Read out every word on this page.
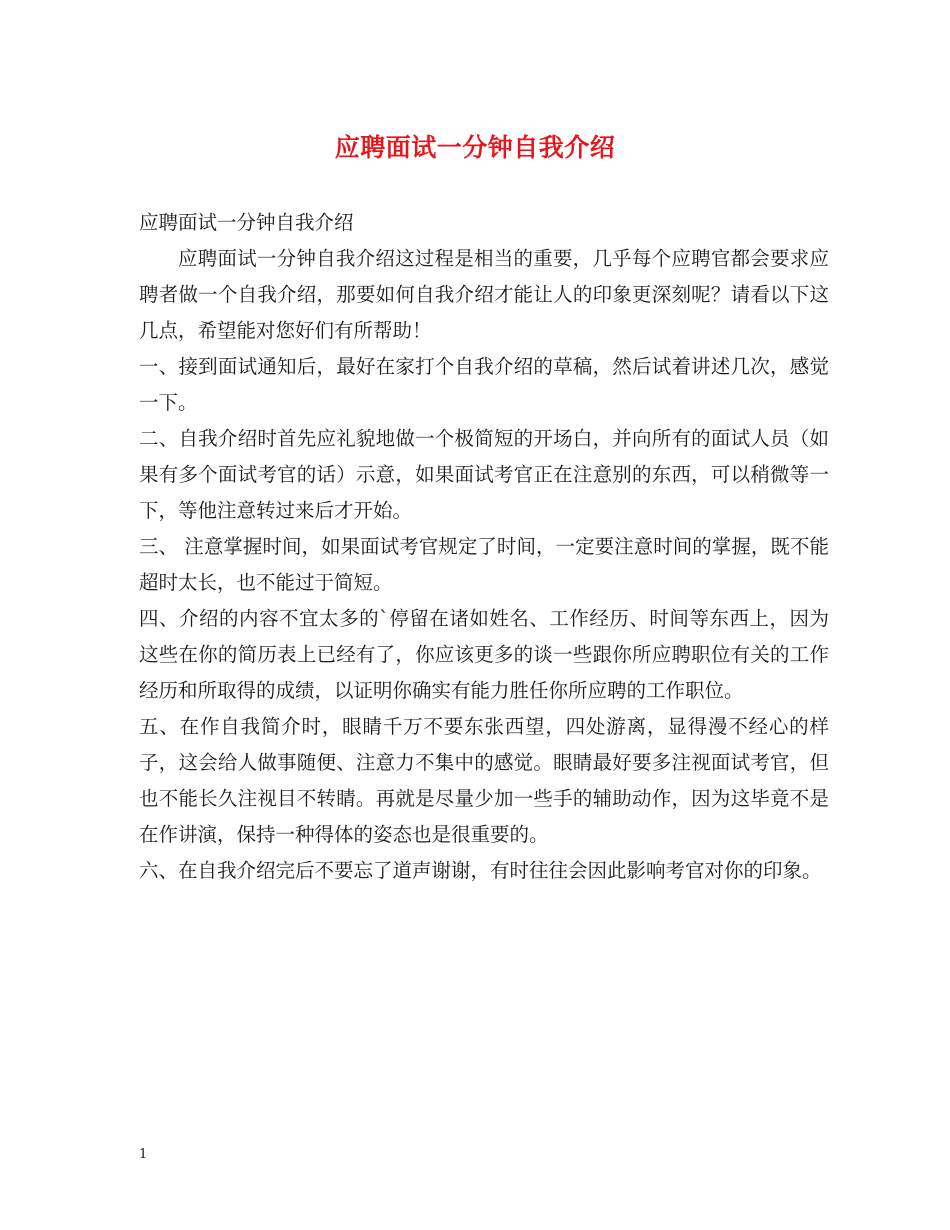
应聘面试一分钟自我介绍

应聘面试一分钟自我介绍

应聘面试一分钟自我介绍这过程是相当的重要，几乎每个应聘官都会要求应聘者做一个自我介绍，那要如何自我介绍才能让人的印象更深刻呢？请看以下这几点，希望能对您好们有所帮助！

一、接到面试通知后，最好在家打个自我介绍的草稿，然后试着讲述几次，感觉一下。

二、自我介绍时首先应礼貌地做一个极简短的开场白，并向所有的面试人员（如果有多个面试考官的话）示意，如果面试考官正在注意别的东西，可以稍微等一下，等他注意转过来后才开始。

三、 注意掌握时间，如果面试考官规定了时间，一定要注意时间的掌握，既不能超时太长，也不能过于简短。

四、介绍的内容不宜太多的`停留在诸如姓名、工作经历、时间等东西上，因为这些在你的简历表上已经有了，你应该更多的谈一些跟你所应聘职位有关的工作经历和所取得的成绩，以证明你确实有能力胜任你所应聘的工作职位。

五、在作自我简介时，眼睛千万不要东张西望，四处游离，显得漫不经心的样子，这会给人做事随便、注意力不集中的感觉。眼睛最好要多注视面试考官，但也不能长久注视目不转睛。再就是尽量少加一些手的辅助动作，因为这毕竟不是在作讲演，保持一种得体的姿态也是很重要的。

六、在自我介绍完后不要忘了道声谢谢，有时往往会因此影响考官对你的印象。

1
